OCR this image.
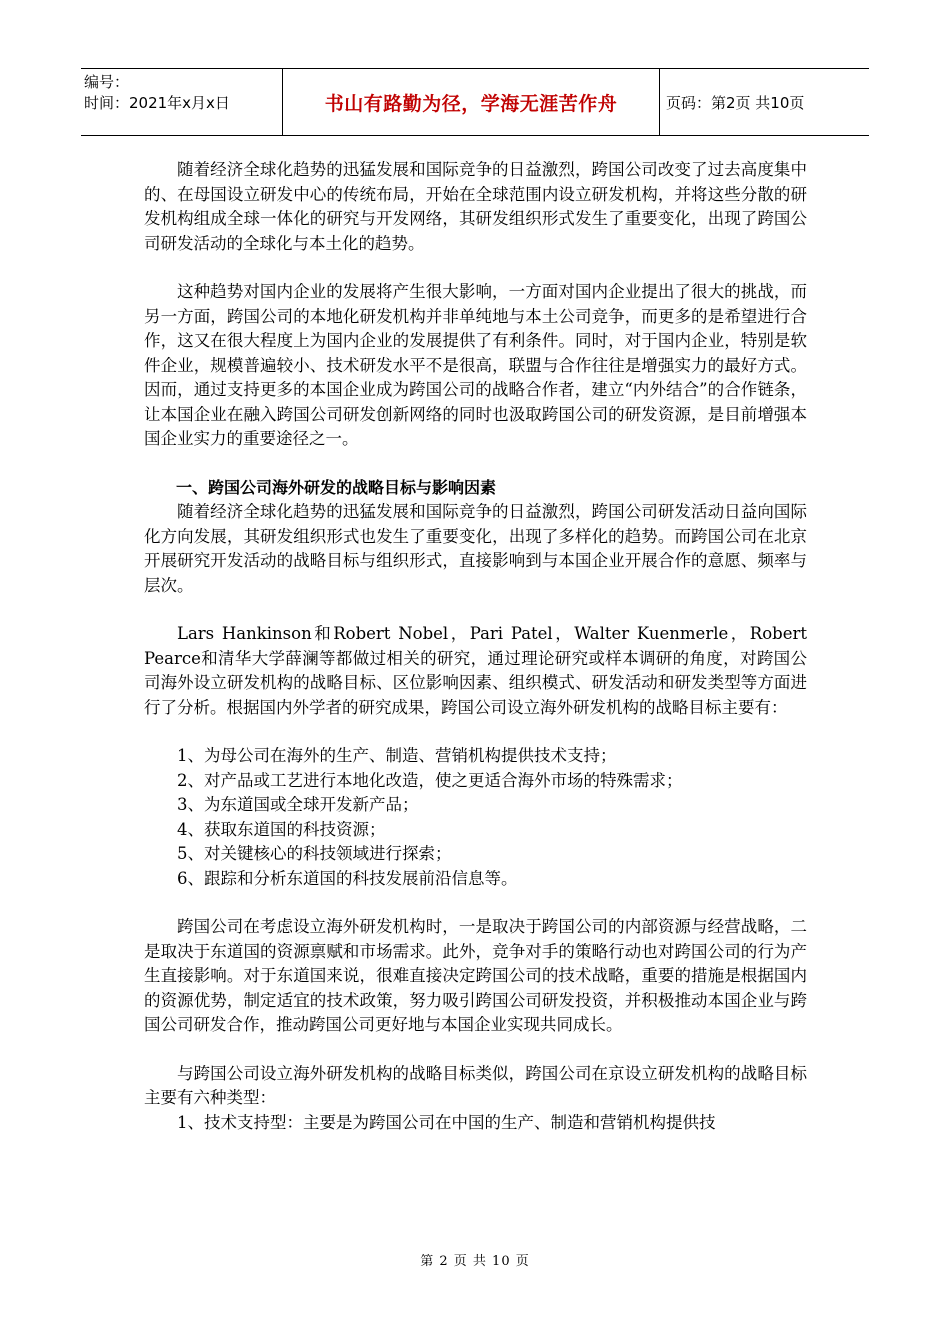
编号：
时间：2021年x月x日	书山有路勤为径，学海无涯苦作舟	页码：第2页 共10页

随着经济全球化趋势的迅猛发展和国际竞争的日益激烈，跨国公司改变了过去高度集中的、在母国设立研发中心的传统布局，开始在全球范围内设立研发机构，并将这些分散的研发机构组成全球一体化的研究与开发网络，其研发组织形式发生了重要变化，出现了跨国公司研发活动的全球化与本土化的趋势。

这种趋势对国内企业的发展将产生很大影响，一方面对国内企业提出了很大的挑战，而另一方面，跨国公司的本地化研发机构并非单纯地与本土公司竞争，而更多的是希望进行合作，这又在很大程度上为国内企业的发展提供了有利条件。同时，对于国内企业，特别是软件企业，规模普遍较小、技术研发水平不是很高，联盟与合作往往是增强实力的最好方式。因而，通过支持更多的本国企业成为跨国公司的战略合作者，建立“内外结合”的合作链条，让本国企业在融入跨国公司研发创新网络的同时也汲取跨国公司的研发资源，是目前增强本国企业实力的重要途径之一。

一、跨国公司海外研发的战略目标与影响因素

随着经济全球化趋势的迅猛发展和国际竞争的日益激烈，跨国公司研发活动日益向国际化方向发展，其研发组织形式也发生了重要变化，出现了多样化的趋势。而跨国公司在北京开展研究开发活动的战略目标与组织形式，直接影响到与本国企业开展合作的意愿、频率与层次。

Lars Hankinson和Robert Nobel，Pari Patel，Walter Kuenmerle，Robert Pearce和清华大学薛澜等都做过相关的研究，通过理论研究或样本调研的角度，对跨国公司海外设立研发机构的战略目标、区位影响因素、组织模式、研发活动和研发类型等方面进行了分析。根据国内外学者的研究成果，跨国公司设立海外研发机构的战略目标主要有：

1、为母公司在海外的生产、制造、营销机构提供技术支持；

2、对产品或工艺进行本地化改造，使之更适合海外市场的特殊需求；

3、为东道国或全球开发新产品；

4、获取东道国的科技资源；

5、对关键核心的科技领域进行探索；

6、跟踪和分析东道国的科技发展前沿信息等。

跨国公司在考虑设立海外研发机构时，一是取决于跨国公司的内部资源与经营战略，二是取决于东道国的资源禀赋和市场需求。此外，竞争对手的策略行动也对跨国公司的行为产生直接影响。对于东道国来说，很难直接决定跨国公司的技术战略，重要的措施是根据国内的资源优势，制定适宜的技术政策，努力吸引跨国公司研发投资，并积极推动本国企业与跨国公司研发合作，推动跨国公司更好地与本国企业实现共同成长。

与跨国公司设立海外研发机构的战略目标类似，跨国公司在京设立研发机构的战略目标主要有六种类型：

1、技术支持型：主要是为跨国公司在中国的生产、制造和营销机构提供技

第 2 页 共 10 页
